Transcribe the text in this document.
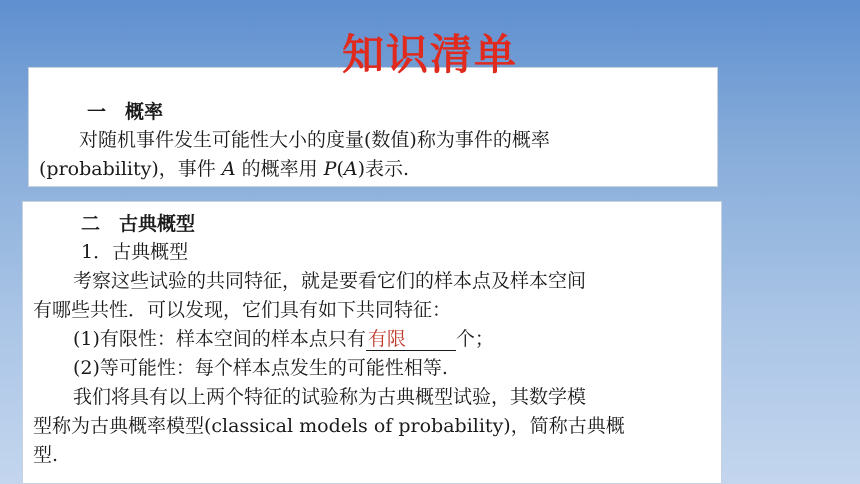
知识清单
一　概率
对随机事件发生可能性大小的度量(数值)称为事件的概率
(probability)，事件 A 的概率用 P(A)表示.
二　古典概型
1．古典概型
考察这些试验的共同特征，就是要看它们的样本点及样本空间
有哪些共性．可以发现，它们具有如下共同特征：
(1)有限性：样本空间的样本点只有 有限	个；
(2)等可能性：每个样本点发生的可能性相等.
我们将具有以上两个特征的试验称为古典概型试验，其数学模
型称为古典概率模型(classical models of probability)，简称古典概
型.
